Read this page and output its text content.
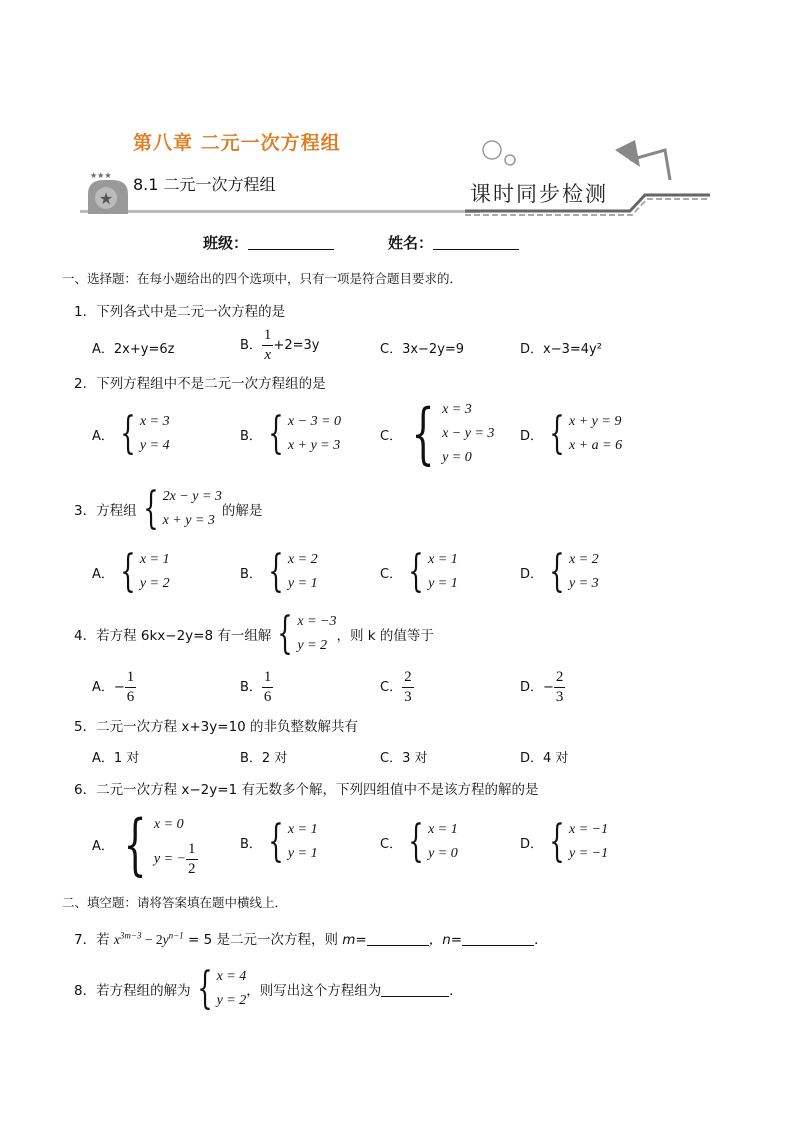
★
★★★
第八章 二元一次方程组
8.1 二元一次方程组	课时同步检测
班级：	姓名：
一、选择题：在每小题给出的四个选项中，只有一项是符合题目要求的．
1．下列各式中是二元一次方程的是
A．2x+y=6z	B． $\frac{1}{x} +2=3y$	C．3x−2y=9	D．x−3=4y²
2．下列方程组中不是二元一次方程组的是
A． { x = 3
y = 4
B． { x − 3 = 0
x + y = 3
C． { x = 3
x − y = 3
y = 0
D． { x + y = 9
x + a = 6
3．方程组 { 2x − y = 3
x + y = 3
的解是
A． { x = 1
y = 2
B． { x = 2
y = 1
C． { x = 1
y = 1
D． { x = 2
y = 3
4．若方程 6kx−2y=8 有一组解 { x = −3
y = 2
，则 k 的值等于
A．− $\frac{1}{6}$	B． $\frac{1}{6}$	C． $\frac{2}{3}$	D．− $\frac{2}{3}$
5．二元一次方程 x+3y=10 的非负整数解共有
A．1 对	B．2 对	C．3 对	D．4 对
6．二元一次方程 x−2y=1 有无数多个解，下列四组值中不是该方程的解的是
A． { x = 0
y = − $\frac{1}{2}$	B． { x = 1
y = 1
C． { x = 1
y = 0
D． { x = −1
y = −1
二、填空题：请将答案填在题中横线上．
7．若 $x^{3m-3} - 2y^{n-1} = 5$ 是二元一次方程，则 m=	，n=	．
8．若方程组的解为 { x = 4
y = 2
，则写出这个方程组为	．
